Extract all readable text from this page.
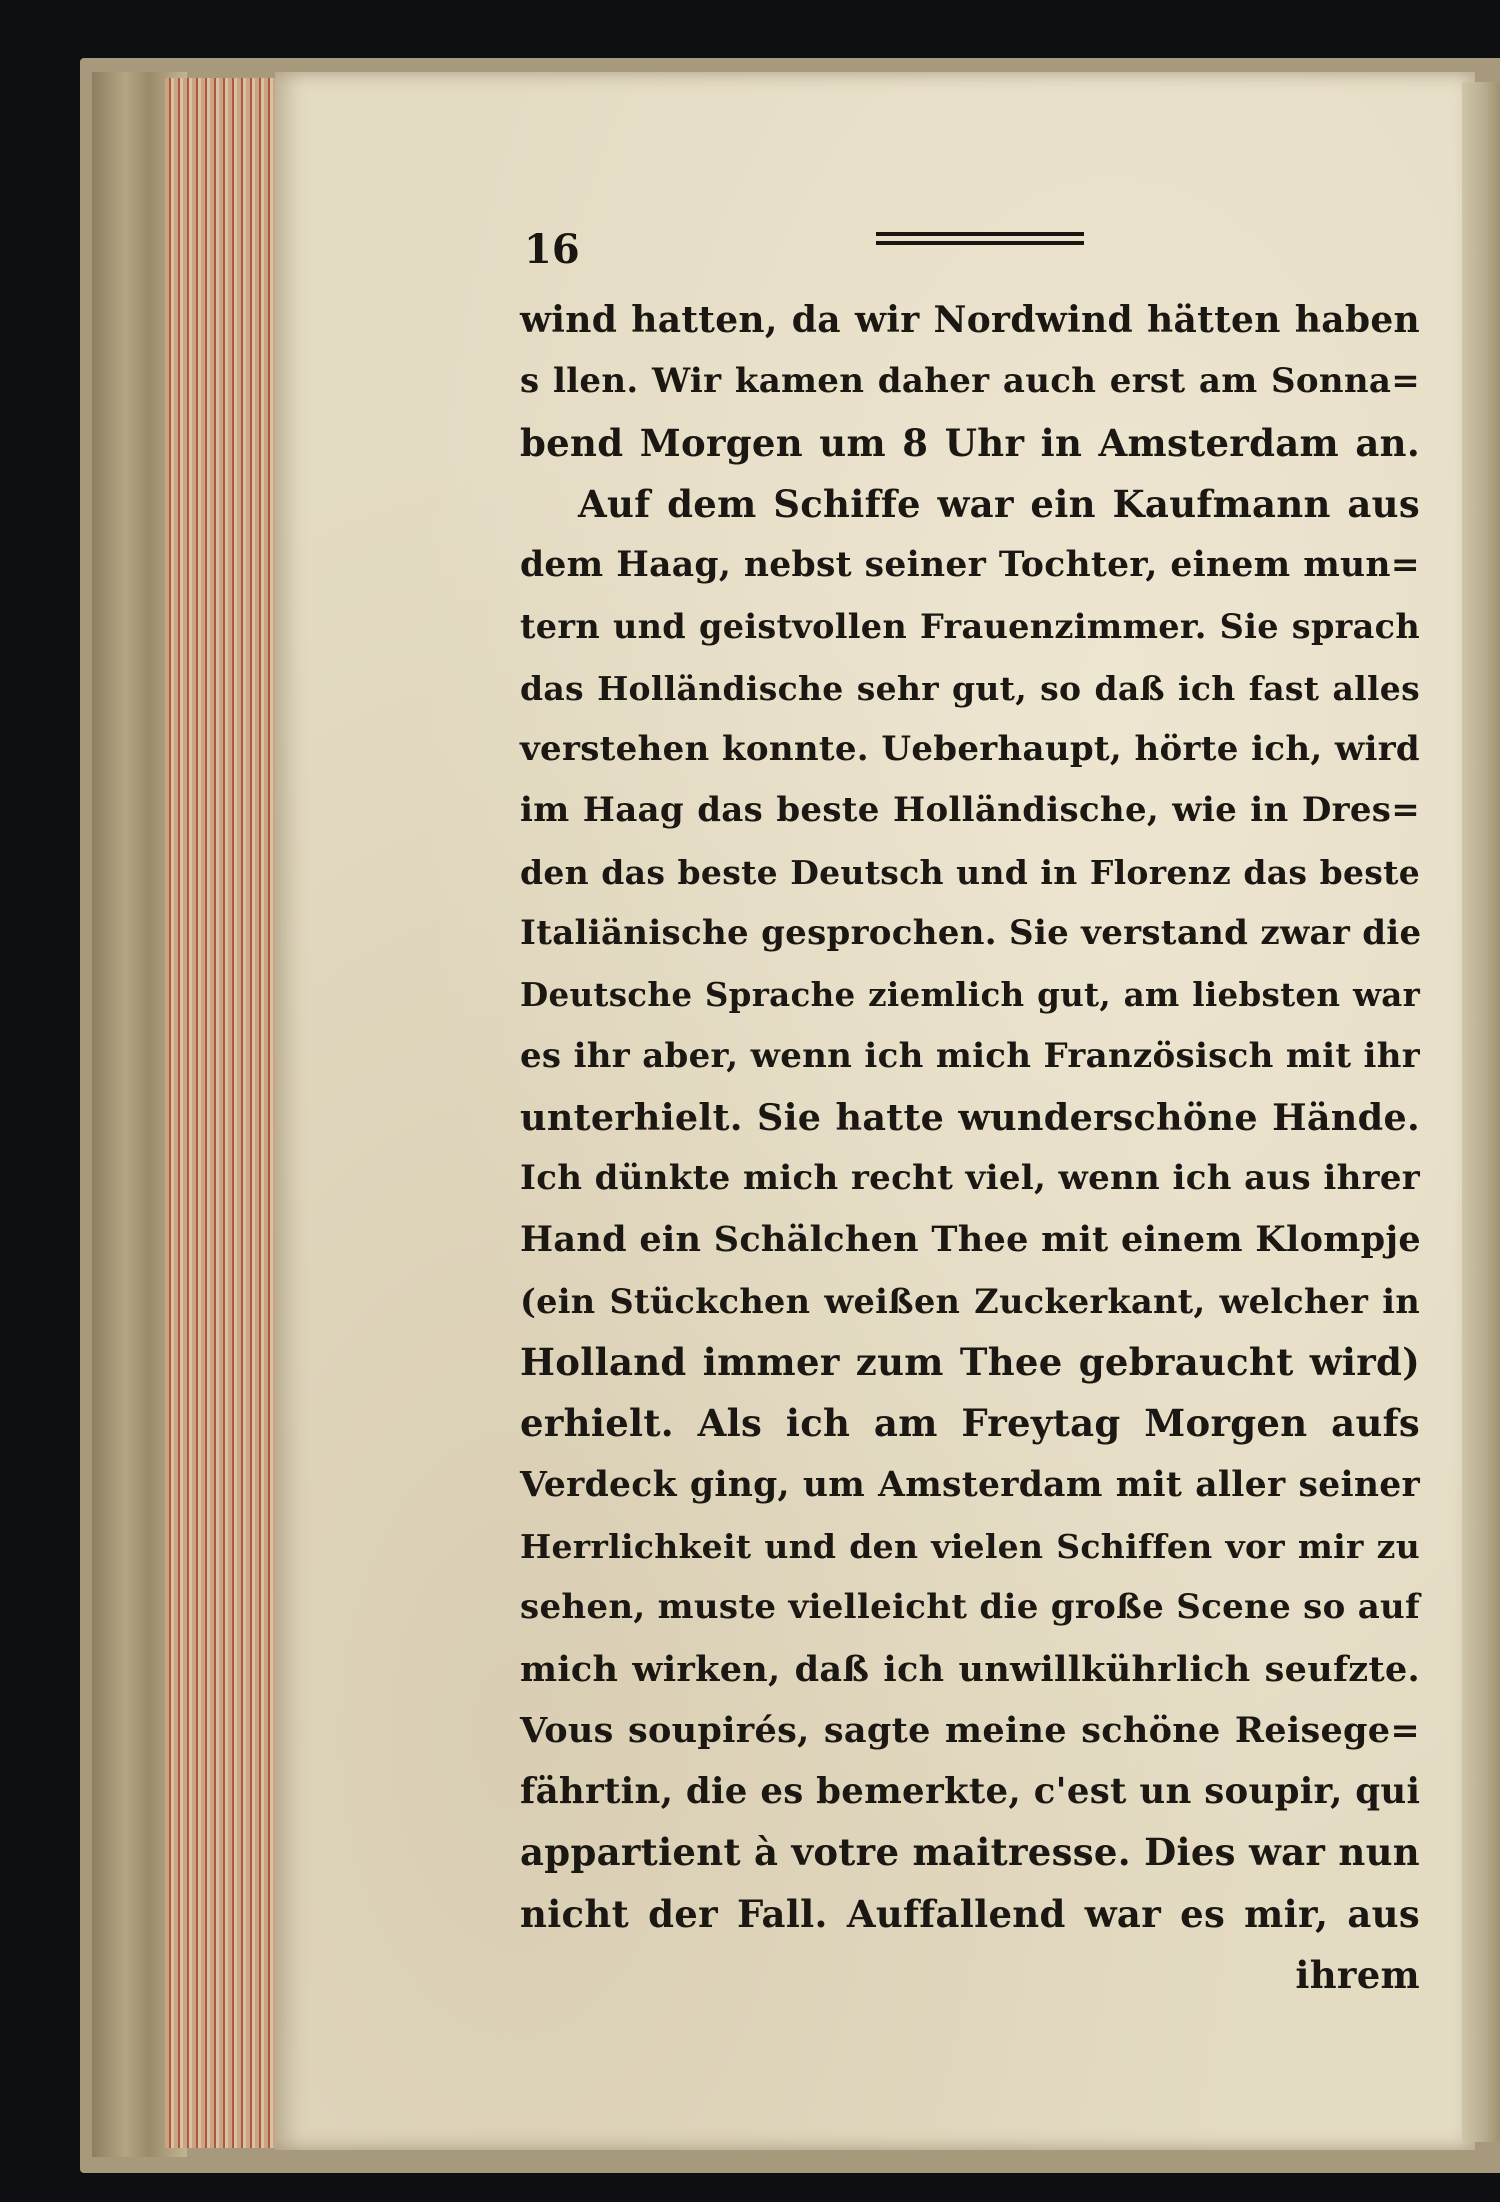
16
wind hatten, da wir Nordwind hätten haben
s llen. Wir kamen daher auch erst am Sonna=
bend Morgen um 8 Uhr in Amsterdam an.
Auf dem Schiffe war ein Kaufmann aus
dem Haag, nebst seiner Tochter, einem mun=
tern und geistvollen Frauenzimmer. Sie sprach
das Holländische sehr gut, so daß ich fast alles
verstehen konnte. Ueberhaupt, hörte ich, wird
im Haag das beste Holländische, wie in Dres=
den das beste Deutsch und in Florenz das beste
Italiänische gesprochen. Sie verstand zwar die
Deutsche Sprache ziemlich gut, am liebsten war
es ihr aber, wenn ich mich Französisch mit ihr
unterhielt. Sie hatte wunderschöne Hände.
Ich dünkte mich recht viel, wenn ich aus ihrer
Hand ein Schälchen Thee mit einem Klompje
(ein Stückchen weißen Zuckerkant, welcher in
Holland immer zum Thee gebraucht wird)
erhielt. Als ich am Freytag Morgen aufs
Verdeck ging, um Amsterdam mit aller seiner
Herrlichkeit und den vielen Schiffen vor mir zu
sehen, muste vielleicht die große Scene so auf
mich wirken, daß ich unwillkührlich seufzte.
Vous soupirés, sagte meine schöne Reisege=
fährtin, die es bemerkte, c'est un soupir, qui
appartient à votre maitresse. Dies war nun
nicht der Fall. Auffallend war es mir, aus
ihrem
